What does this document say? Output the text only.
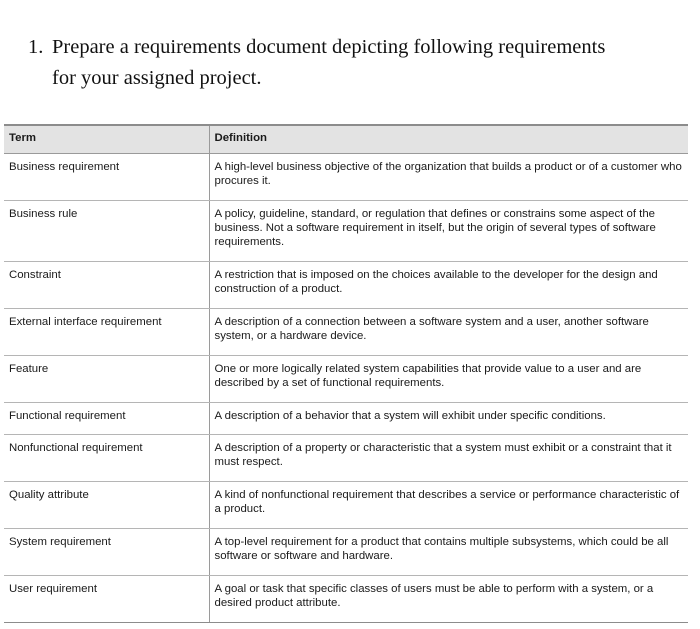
1. Prepare a requirements document depicting following requirements
for your assigned project.
Term	Definition
Business requirement	A high-level business objective of the organization that builds a product or of a customer who procures it.
Business rule	A policy, guideline, standard, or regulation that defines or constrains some aspect of the business. Not a software requirement in itself, but the origin of several types of software requirements.
Constraint	A restriction that is imposed on the choices available to the developer for the design and construction of a product.
External interface requirement	A description of a connection between a software system and a user, another software system, or a hardware device.
Feature	One or more logically related system capabilities that provide value to a user and are described by a set of functional requirements.
Functional requirement	A description of a behavior that a system will exhibit under specific conditions.
Nonfunctional requirement	A description of a property or characteristic that a system must exhibit or a constraint that it must respect.
Quality attribute	A kind of nonfunctional requirement that describes a service or performance characteristic of a product.
System requirement	A top-level requirement for a product that contains multiple subsystems, which could be all software or software and hardware.
User requirement	A goal or task that specific classes of users must be able to perform with a system, or a desired product attribute.
